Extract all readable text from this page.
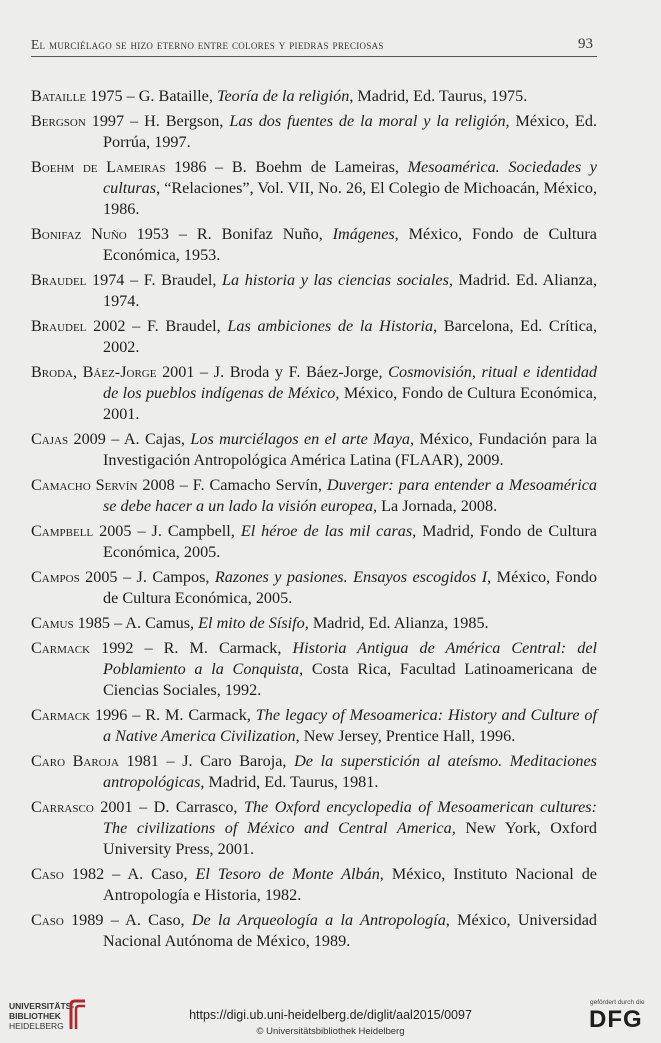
El murciélago se hizo eterno entre colores y piedras preciosas	93

Bataille 1975 – G. Bataille, Teoría de la religión, Madrid, Ed. Taurus, 1975.

Bergson 1997 – H. Bergson, Las dos fuentes de la moral y la religión, México, Ed. Porrúa, 1997.

Boehm de Lameiras 1986 – B. Boehm de Lameiras, Mesoamérica. Sociedades y culturas, “Relaciones”, Vol. VII, No. 26, El Colegio de Michoacán, México, 1986.

Bonifaz Nuño 1953 – R. Bonifaz Nuño, Imágenes, México, Fondo de Cultura Económica, 1953.

Braudel 1974 – F. Braudel, La historia y las ciencias sociales, Madrid. Ed. Alianza, 1974.

Braudel 2002 – F. Braudel, Las ambiciones de la Historia, Barcelona, Ed. Crítica, 2002.

Broda, Báez-Jorge 2001 – J. Broda y F. Báez-Jorge, Cosmovisión, ritual e identidad de los pueblos indígenas de México, México, Fondo de Cultura Económica, 2001.

Cajas 2009 – A. Cajas, Los murciélagos en el arte Maya, México, Fundación para la Investigación Antropológica América Latina (FLAAR), 2009.

Camacho Servín 2008 – F. Camacho Servín, Duverger: para entender a Mesoamérica se debe hacer a un lado la visión europea, La Jornada, 2008.

Campbell 2005 – J. Campbell, El héroe de las mil caras, Madrid, Fondo de Cultura Económica, 2005.

Campos 2005 – J. Campos, Razones y pasiones. Ensayos escogidos I, México, Fondo de Cultura Económica, 2005.

Camus 1985 – A. Camus, El mito de Sísifo, Madrid, Ed. Alianza, 1985.

Carmack 1992 – R. M. Carmack, Historia Antigua de América Central: del Poblamiento a la Conquista, Costa Rica, Facultad Latinoamericana de Ciencias Sociales, 1992.

Carmack 1996 – R. M. Carmack, The legacy of Mesoamerica: History and Culture of a Native America Civilization, New Jersey, Prentice Hall, 1996.

Caro Baroja 1981 – J. Caro Baroja, De la superstición al ateísmo. Meditaciones antropológicas, Madrid, Ed. Taurus, 1981.

Carrasco 2001 – D. Carrasco, The Oxford encyclopedia of Mesoamerican cultures: The civilizations of México and Central America, New York, Oxford University Press, 2001.

Caso 1982 – A. Caso, El Tesoro de Monte Albán, México, Instituto Nacional de Antropología e Historia, 1982.

Caso 1989 – A. Caso, De la Arqueología a la Antropología, México, Universidad Nacional Autónoma de México, 1989.

UNIVERSITÄTS-
BIBLIOTHEK
HEIDELBERG
https://digi.ub.uni-heidelberg.de/diglit/aal2015/0097
© Universitätsbibliothek Heidelberg
gefördert durch die
DFG
